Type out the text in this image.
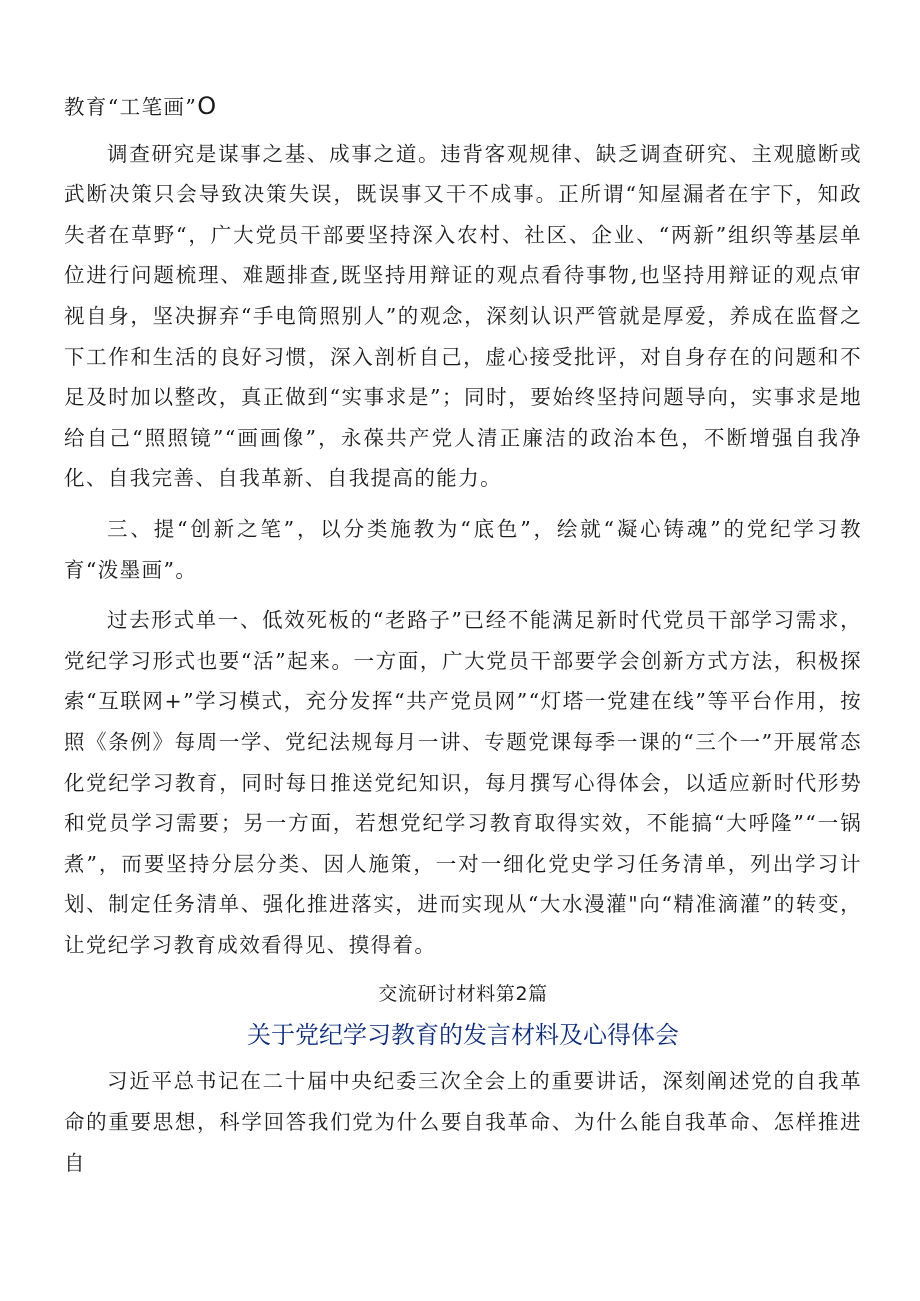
教育“工笔画”O

调查研究是谋事之基、成事之道。违背客观规律、缺乏调查研究、主观臆断或武断决策只会导致决策失误，既误事又干不成事。正所谓“知屋漏者在宇下，知政失者在草野“，广大党员干部要坚持深入农村、社区、企业、“两新”组织等基层单位进行问题梳理、难题排查,既坚持用辩证的观点看待事物,也坚持用辩证的观点审视自身，坚决摒弃“手电筒照别人”的观念，深刻认识严管就是厚爱，养成在监督之下工作和生活的良好习惯，深入剖析自己，虚心接受批评，对自身存在的问题和不足及时加以整改，真正做到“实事求是”；同时，要始终坚持问题导向，实事求是地给自己“照照镜”“画画像”，永葆共产党人清正廉洁的政治本色，不断增强自我净化、自我完善、自我革新、自我提高的能力。

三、提“创新之笔”，以分类施教为“底色”，绘就“凝心铸魂”的党纪学习教育“泼墨画”。

过去形式单一、低效死板的“老路子”已经不能满足新时代党员干部学习需求，党纪学习形式也要“活”起来。一方面，广大党员干部要学会创新方式方法，积极探索“互联网+”学习模式，充分发挥“共产党员网”“灯塔一党建在线”等平台作用，按照《条例》每周一学、党纪法规每月一讲、专题党课每季一课的“三个一”开展常态化党纪学习教育，同时每日推送党纪知识，每月撰写心得体会，以适应新时代形势和党员学习需要；另一方面，若想党纪学习教育取得实效，不能搞“大呼隆”“一锅煮”，而要坚持分层分类、因人施策，一对一细化党史学习任务清单，列出学习计划、制定任务清单、强化推进落实，进而实现从“大水漫灌"向“精准滴灌”的转变，让党纪学习教育成效看得见、摸得着。

交流研讨材料第2篇
关于党纪学习教育的发言材料及心得体会

习近平总书记在二十届中央纪委三次全会上的重要讲话，深刻阐述党的自我革命的重要思想，科学回答我们党为什么要自我革命、为什么能自我革命、怎样推进自
